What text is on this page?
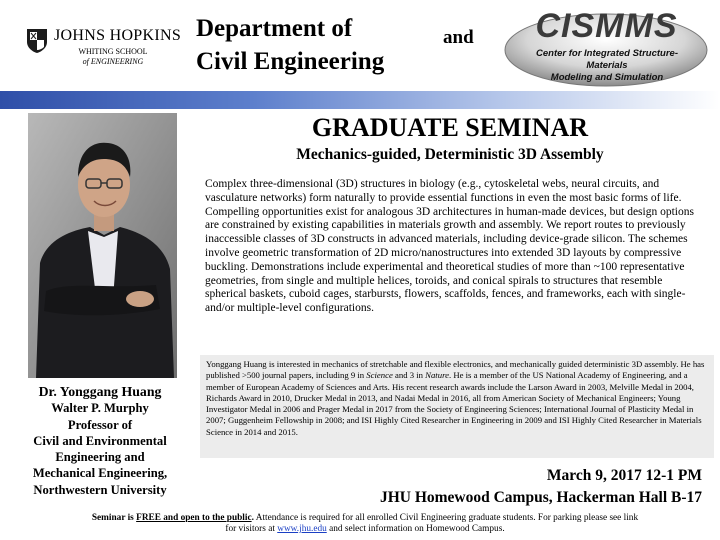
JOHNS HOPKINS
WHITING SCHOOL
of ENGINEERING
Department of
Civil Engineering
and	CISMMS
Center for Integrated Structure-Materials
Modeling and Simulation
GRADUATE SEMINAR
Mechanics-guided, Deterministic 3D Assembly
Complex three-dimensional (3D) structures in biology (e.g., cytoskeletal webs, neural circuits, and vasculature networks) form naturally to provide essential functions in even the most basic forms of life. Compelling opportunities exist for analogous 3D architectures in human-made devices, but design options are constrained by existing capabilities in materials growth and assembly. We report routes to previously inaccessible classes of 3D constructs in advanced materials, including device-grade silicon. The schemes involve geometric transformation of 2D micro/nanostructures into extended 3D layouts by compressive buckling. Demonstrations include experimental and theoretical studies of more than ~100 representative geometries, from single and multiple helices, toroids, and conical spirals to structures that resemble spherical baskets, cuboid cages, starbursts, flowers, scaffolds, fences, and frameworks, each with single- and/or multiple-level configurations.
Yonggang Huang is interested in mechanics of stretchable and flexible electronics, and mechanically guided deterministic 3D assembly. He has published >500 journal papers, including 9 in Science and 3 in Nature. He is a member of the US National Academy of Engineering, and a member of European Academy of Sciences and Arts. His recent research awards include the Larson Award in 2003, Melville Medal in 2004, Richards Award in 2010, Drucker Medal in 2013, and Nadai Medal in 2016, all from American Society of Mechanical Engineers; Young Investigator Medal in 2006 and Prager Medal in 2017 from the Society of Engineering Sciences; International Journal of Plasticity Medal in 2007; Guggenheim Fellowship in 2008; and ISI Highly Cited Researcher in Engineering in 2009 and ISI Highly Cited Researcher in Materials Science in 2014 and 2015.
Dr. Yonggang Huang
Walter P. Murphy
Professor of
Civil and Environmental
Engineering and
Mechanical Engineering,
Northwestern University
March 9, 2017 12-1 PM
JHU Homewood Campus, Hackerman Hall B-17
Seminar is FREE and open to the public. Attendance is required for all enrolled Civil Engineering graduate students. For parking please see link
for visitors at www.jhu.edu and select information on Homewood Campus.
